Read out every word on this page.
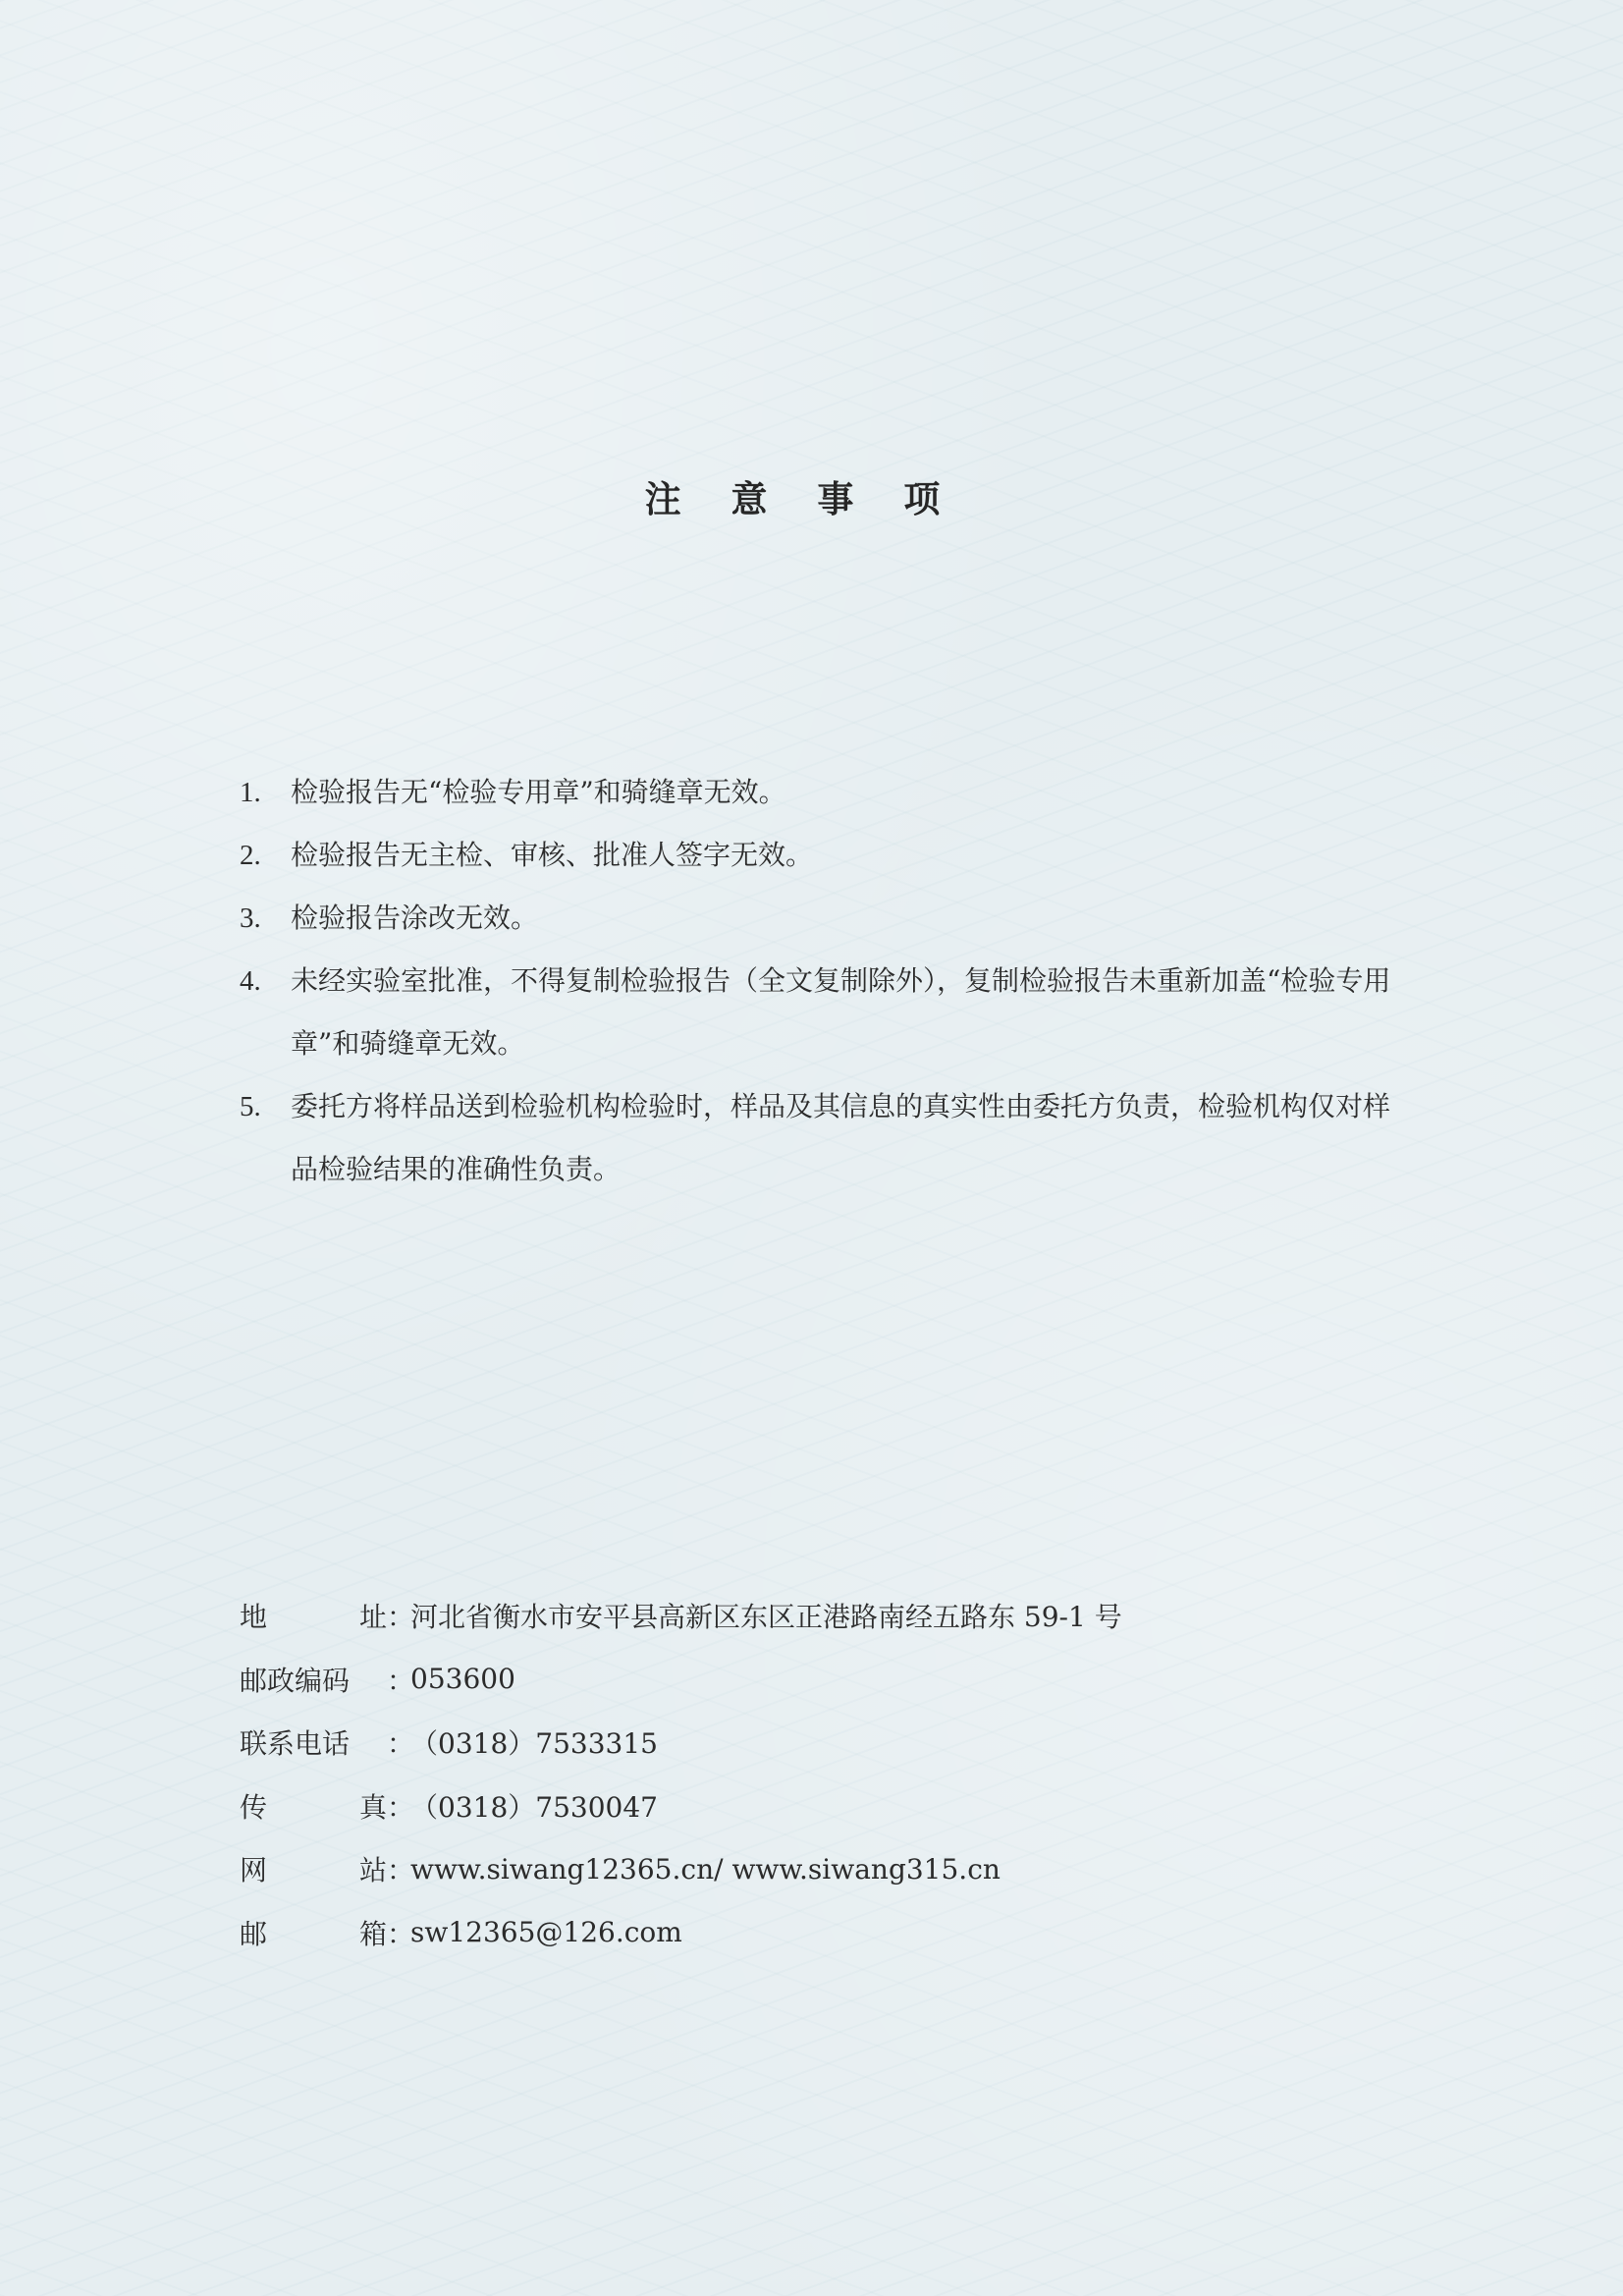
注 意 事 项
1.	检验报告无“检验专用章”和骑缝章无效。
2.	检验报告无主检、审核、批准人签字无效。
3.	检验报告涂改无效。
4.	未经实验室批准，不得复制检验报告（全文复制除外），复制检验报告未重新加盖“检验专用章”和骑缝章无效。
5.	委托方将样品送到检验机构检验时，样品及其信息的真实性由委托方负责，检验机构仅对样品检验结果的准确性负责。
地	址 ：
河北省衡水市安平县高新区东区正港路南经五路东 59-1 号
邮政编码	：
053600
联系电话	：
（0318）7533315
传	真 ：
（0318）7530047
网	站 ：
www.siwang12365.cn/ www.siwang315.cn
邮	箱 ：
sw12365@126.com
